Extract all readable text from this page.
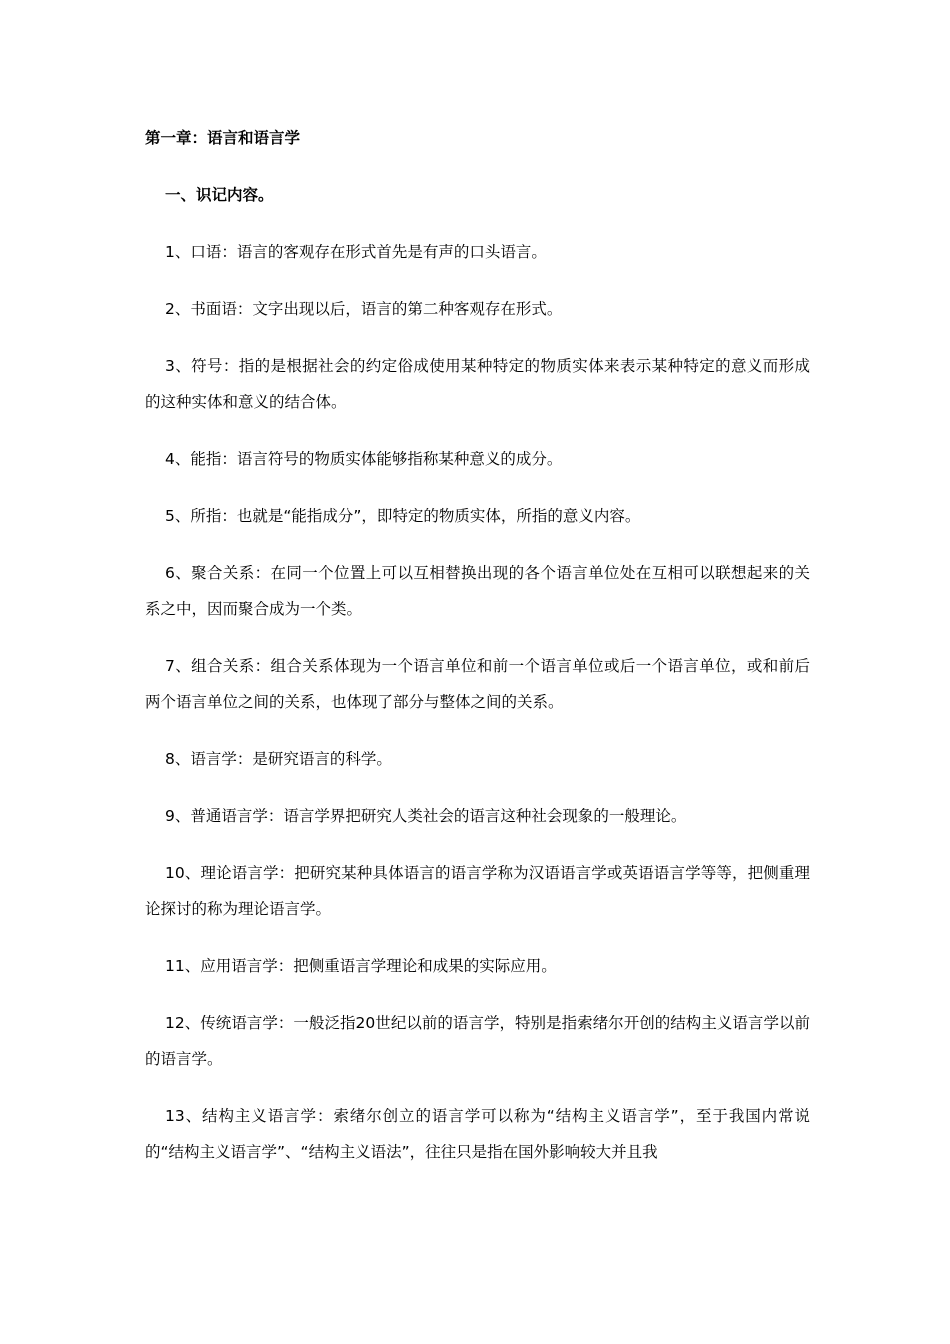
第一章：语言和语言学
一、识记内容。

1、口语：语言的客观存在形式首先是有声的口头语言。

2、书面语：文字出现以后，语言的第二种客观存在形式。

3、符号：指的是根据社会的约定俗成使用某种特定的物质实体来表示某种特定的意义而形成的这种实体和意义的结合体。

4、能指：语言符号的物质实体能够指称某种意义的成分。

5、所指：也就是“能指成分”，即特定的物质实体，所指的意义内容。

6、聚合关系：在同一个位置上可以互相替换出现的各个语言单位处在互相可以联想起来的关系之中，因而聚合成为一个类。

7、组合关系：组合关系体现为一个语言单位和前一个语言单位或后一个语言单位，或和前后两个语言单位之间的关系，也体现了部分与整体之间的关系。

8、语言学：是研究语言的科学。

9、普通语言学：语言学界把研究人类社会的语言这种社会现象的一般理论。

10、理论语言学：把研究某种具体语言的语言学称为汉语语言学或英语语言学等等，把侧重理论探讨的称为理论语言学。

11、应用语言学：把侧重语言学理论和成果的实际应用。

12、传统语言学：一般泛指20世纪以前的语言学，特别是指索绪尔开创的结构主义语言学以前的语言学。

13、结构主义语言学：索绪尔创立的语言学可以称为“结构主义语言学”，至于我国内常说的“结构主义语言学”、“结构主义语法”，往往只是指在国外影响较大并且我
